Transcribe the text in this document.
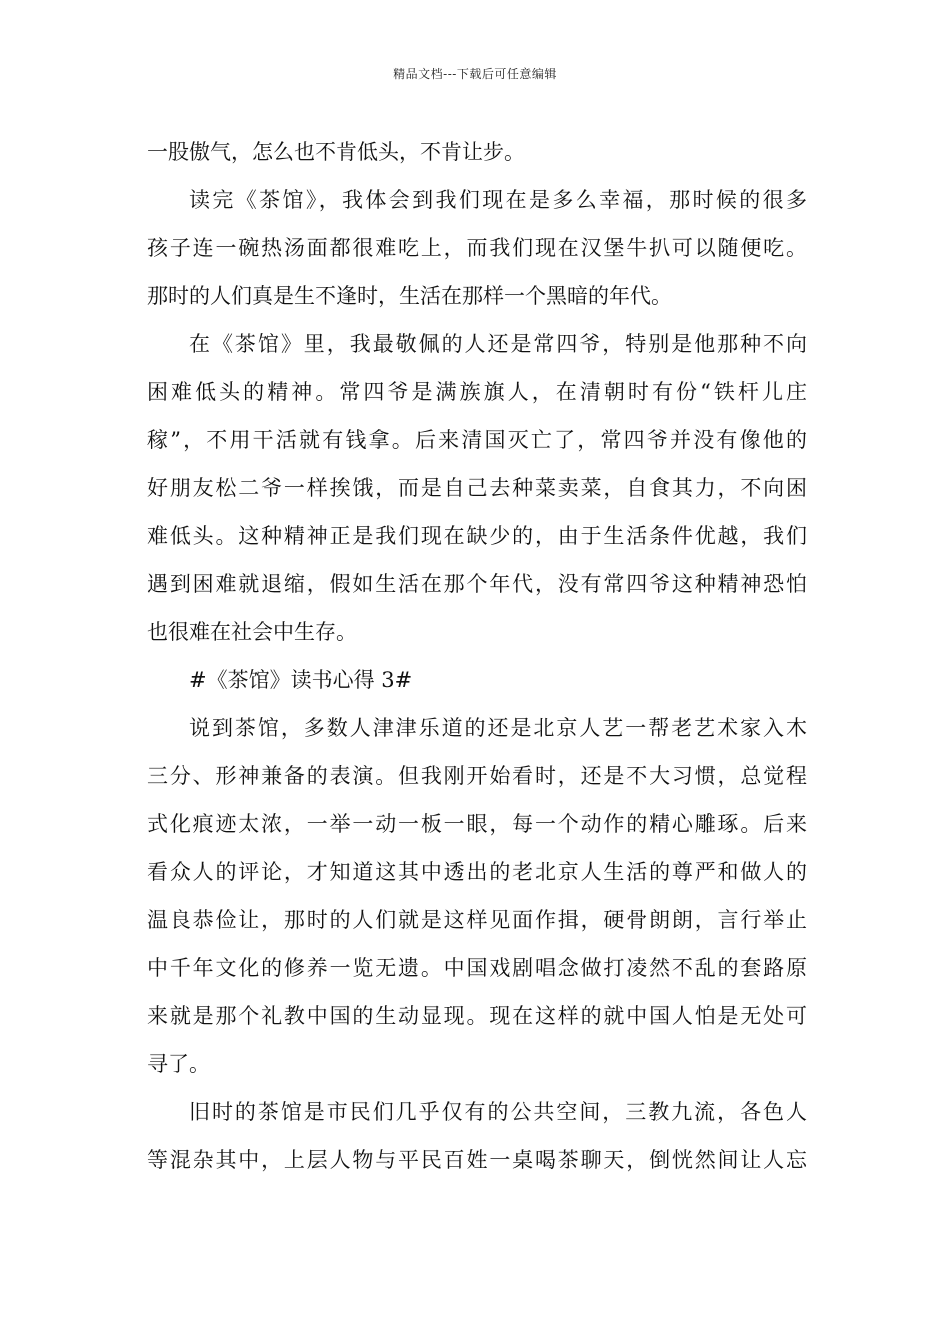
精品文档---下载后可任意编辑
一股傲气，怎么也不肯低头，不肯让步。
读完《茶馆》，我体会到我们现在是多么幸福，那时候的很多
孩子连一碗热汤面都很难吃上，而我们现在汉堡牛扒可以随便吃。
那时的人们真是生不逢时，生活在那样一个黑暗的年代。
在《茶馆》里，我最敬佩的人还是常四爷，特别是他那种不向
困难低头的精神。常四爷是满族旗人，在清朝时有份“铁杆儿庄
稼”，不用干活就有钱拿。后来清国灭亡了，常四爷并没有像他的
好朋友松二爷一样挨饿，而是自己去种菜卖菜，自食其力，不向困
难低头。这种精神正是我们现在缺少的，由于生活条件优越，我们
遇到困难就退缩，假如生活在那个年代，没有常四爷这种精神恐怕
也很难在社会中生存。
#《茶馆》读书心得 3#
说到茶馆，多数人津津乐道的还是北京人艺一帮老艺术家入木
三分、形神兼备的表演。但我刚开始看时，还是不大习惯，总觉程
式化痕迹太浓，一举一动一板一眼，每一个动作的精心雕琢。后来
看众人的评论，才知道这其中透出的老北京人生活的尊严和做人的
温良恭俭让，那时的人们就是这样见面作揖，硬骨朗朗，言行举止
中千年文化的修养一览无遗。中国戏剧唱念做打凌然不乱的套路原
来就是那个礼教中国的生动显现。现在这样的就中国人怕是无处可
寻了。
旧时的茶馆是市民们几乎仅有的公共空间，三教九流，各色人
等混杂其中，上层人物与平民百姓一桌喝茶聊天，倒恍然间让人忘
